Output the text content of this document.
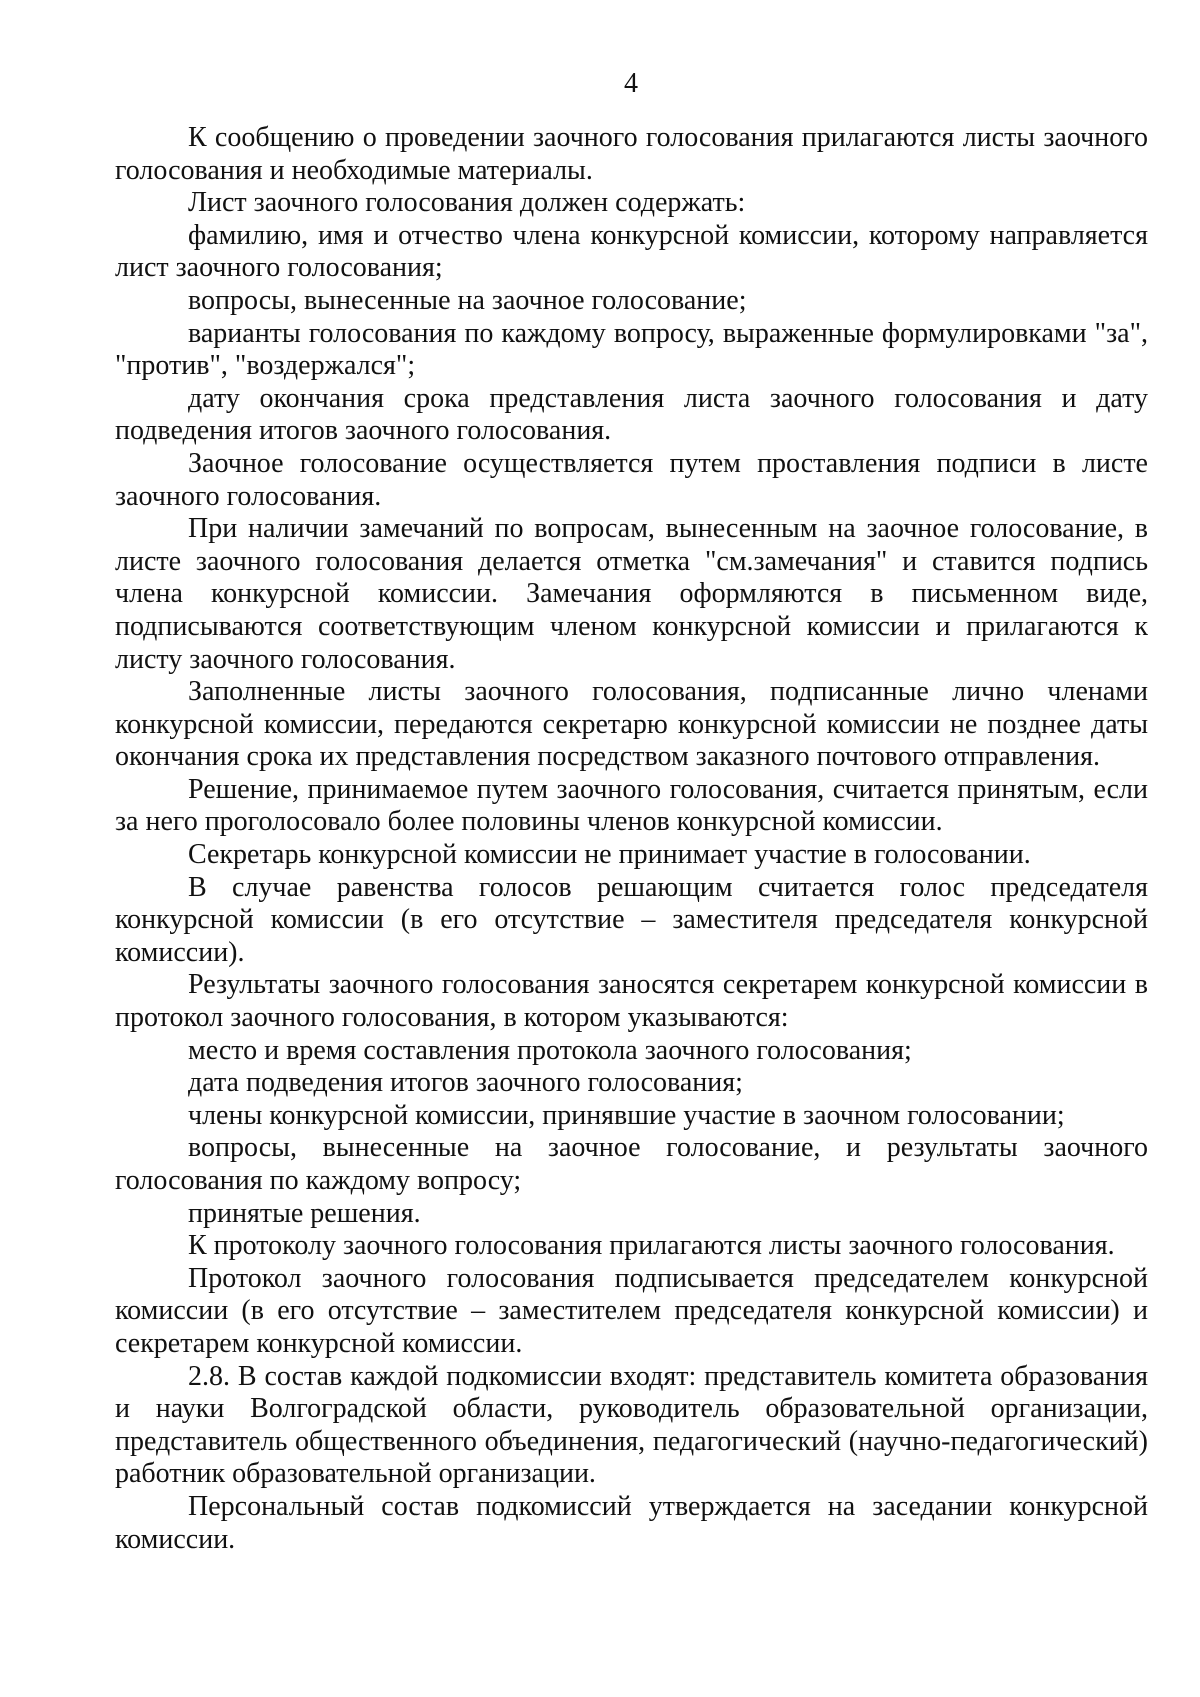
4

К сообщению о проведении заочного голосования прилагаются листы заочного голосования и необходимые материалы.

Лист заочного голосования должен содержать:

фамилию, имя и отчество члена конкурсной комиссии, которому направляется лист заочного голосования;

вопросы, вынесенные на заочное голосование;

варианты голосования по каждому вопросу, выраженные формулировками "за", "против", "воздержался";

дату окончания срока представления листа заочного голосования и дату подведения итогов заочного голосования.

Заочное голосование осуществляется путем проставления подписи в листе заочного голосования.

При наличии замечаний по вопросам, вынесенным на заочное голосование, в листе заочного голосования делается отметка "см.замечания" и ставится подпись члена конкурсной комиссии. Замечания оформляются в письменном виде, подписываются соответствующим членом конкурсной комиссии и прилагаются к листу заочного голосования.

Заполненные листы заочного голосования, подписанные лично членами конкурсной комиссии, передаются секретарю конкурсной комиссии не позднее даты окончания срока их представления посредством заказного почтового отправления.

Решение, принимаемое путем заочного голосования, считается принятым, если за него проголосовало более половины членов конкурсной комиссии.

Секретарь конкурсной комиссии не принимает участие в голосовании.

В случае равенства голосов решающим считается голос председателя конкурсной комиссии (в его отсутствие – заместителя председателя конкурсной комиссии).

Результаты заочного голосования заносятся секретарем конкурсной комиссии в протокол заочного голосования, в котором указываются:

место и время составления протокола заочного голосования;

дата подведения итогов заочного голосования;

члены конкурсной комиссии, принявшие участие в заочном голосовании;

вопросы, вынесенные на заочное голосование, и результаты заочного голосования по каждому вопросу;

принятые решения.

К протоколу заочного голосования прилагаются листы заочного голосования.

Протокол заочного голосования подписывается председателем конкурсной комиссии (в его отсутствие – заместителем председателя конкурсной комиссии) и секретарем конкурсной комиссии.

2.8. В состав каждой подкомиссии входят: представитель комитета образования и науки Волгоградской области, руководитель образовательной организации, представитель общественного объединения, педагогический (научно-педагогический) работник образовательной организации.

Персональный состав подкомиссий утверждается на заседании конкурсной комиссии.
